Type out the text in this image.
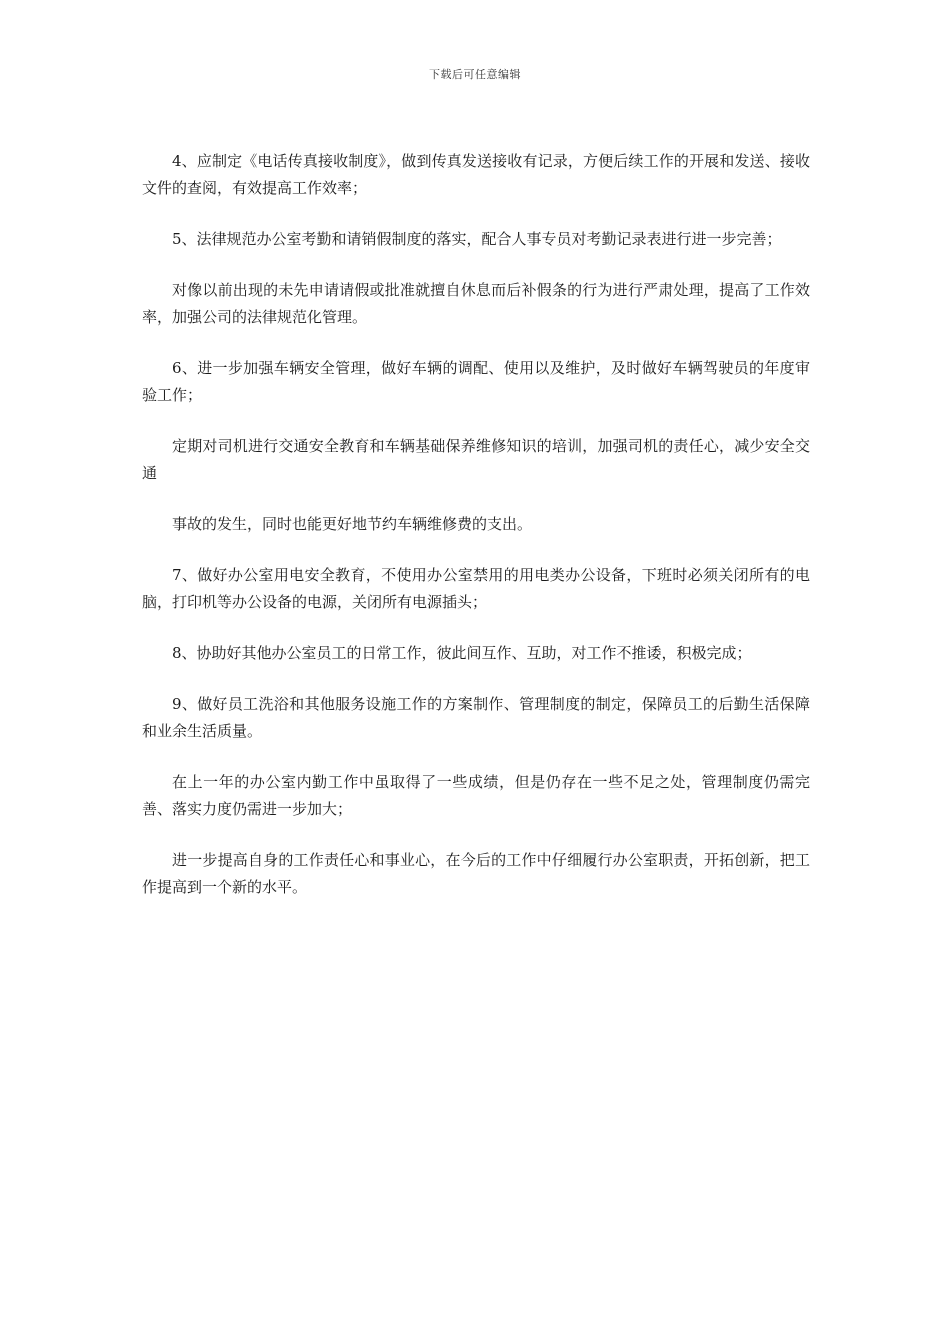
下载后可任意编辑

4、应制定《电话传真接收制度》，做到传真发送接收有记录，方便后续工作的开展和发送、接收文件的查阅，有效提高工作效率；

5、法律规范办公室考勤和请销假制度的落实，配合人事专员对考勤记录表进行进一步完善；

对像以前出现的未先申请请假或批准就擅自休息而后补假条的行为进行严肃处理，提高了工作效率，加强公司的法律规范化管理。

6、进一步加强车辆安全管理，做好车辆的调配、使用以及维护，及时做好车辆驾驶员的年度审验工作；

定期对司机进行交通安全教育和车辆基础保养维修知识的培训，加强司机的责任心，减少安全交通

事故的发生，同时也能更好地节约车辆维修费的支出。

7、做好办公室用电安全教育，不使用办公室禁用的用电类办公设备，下班时必须关闭所有的电脑，打印机等办公设备的电源，关闭所有电源插头；

8、协助好其他办公室员工的日常工作，彼此间互作、互助，对工作不推诿，积极完成；

9、做好员工洗浴和其他服务设施工作的方案制作、管理制度的制定，保障员工的后勤生活保障和业余生活质量。

在上一年的办公室内勤工作中虽取得了一些成绩，但是仍存在一些不足之处，管理制度仍需完善、落实力度仍需进一步加大；

进一步提高自身的工作责任心和事业心，在今后的工作中仔细履行办公室职责，开拓创新，把工作提高到一个新的水平。
